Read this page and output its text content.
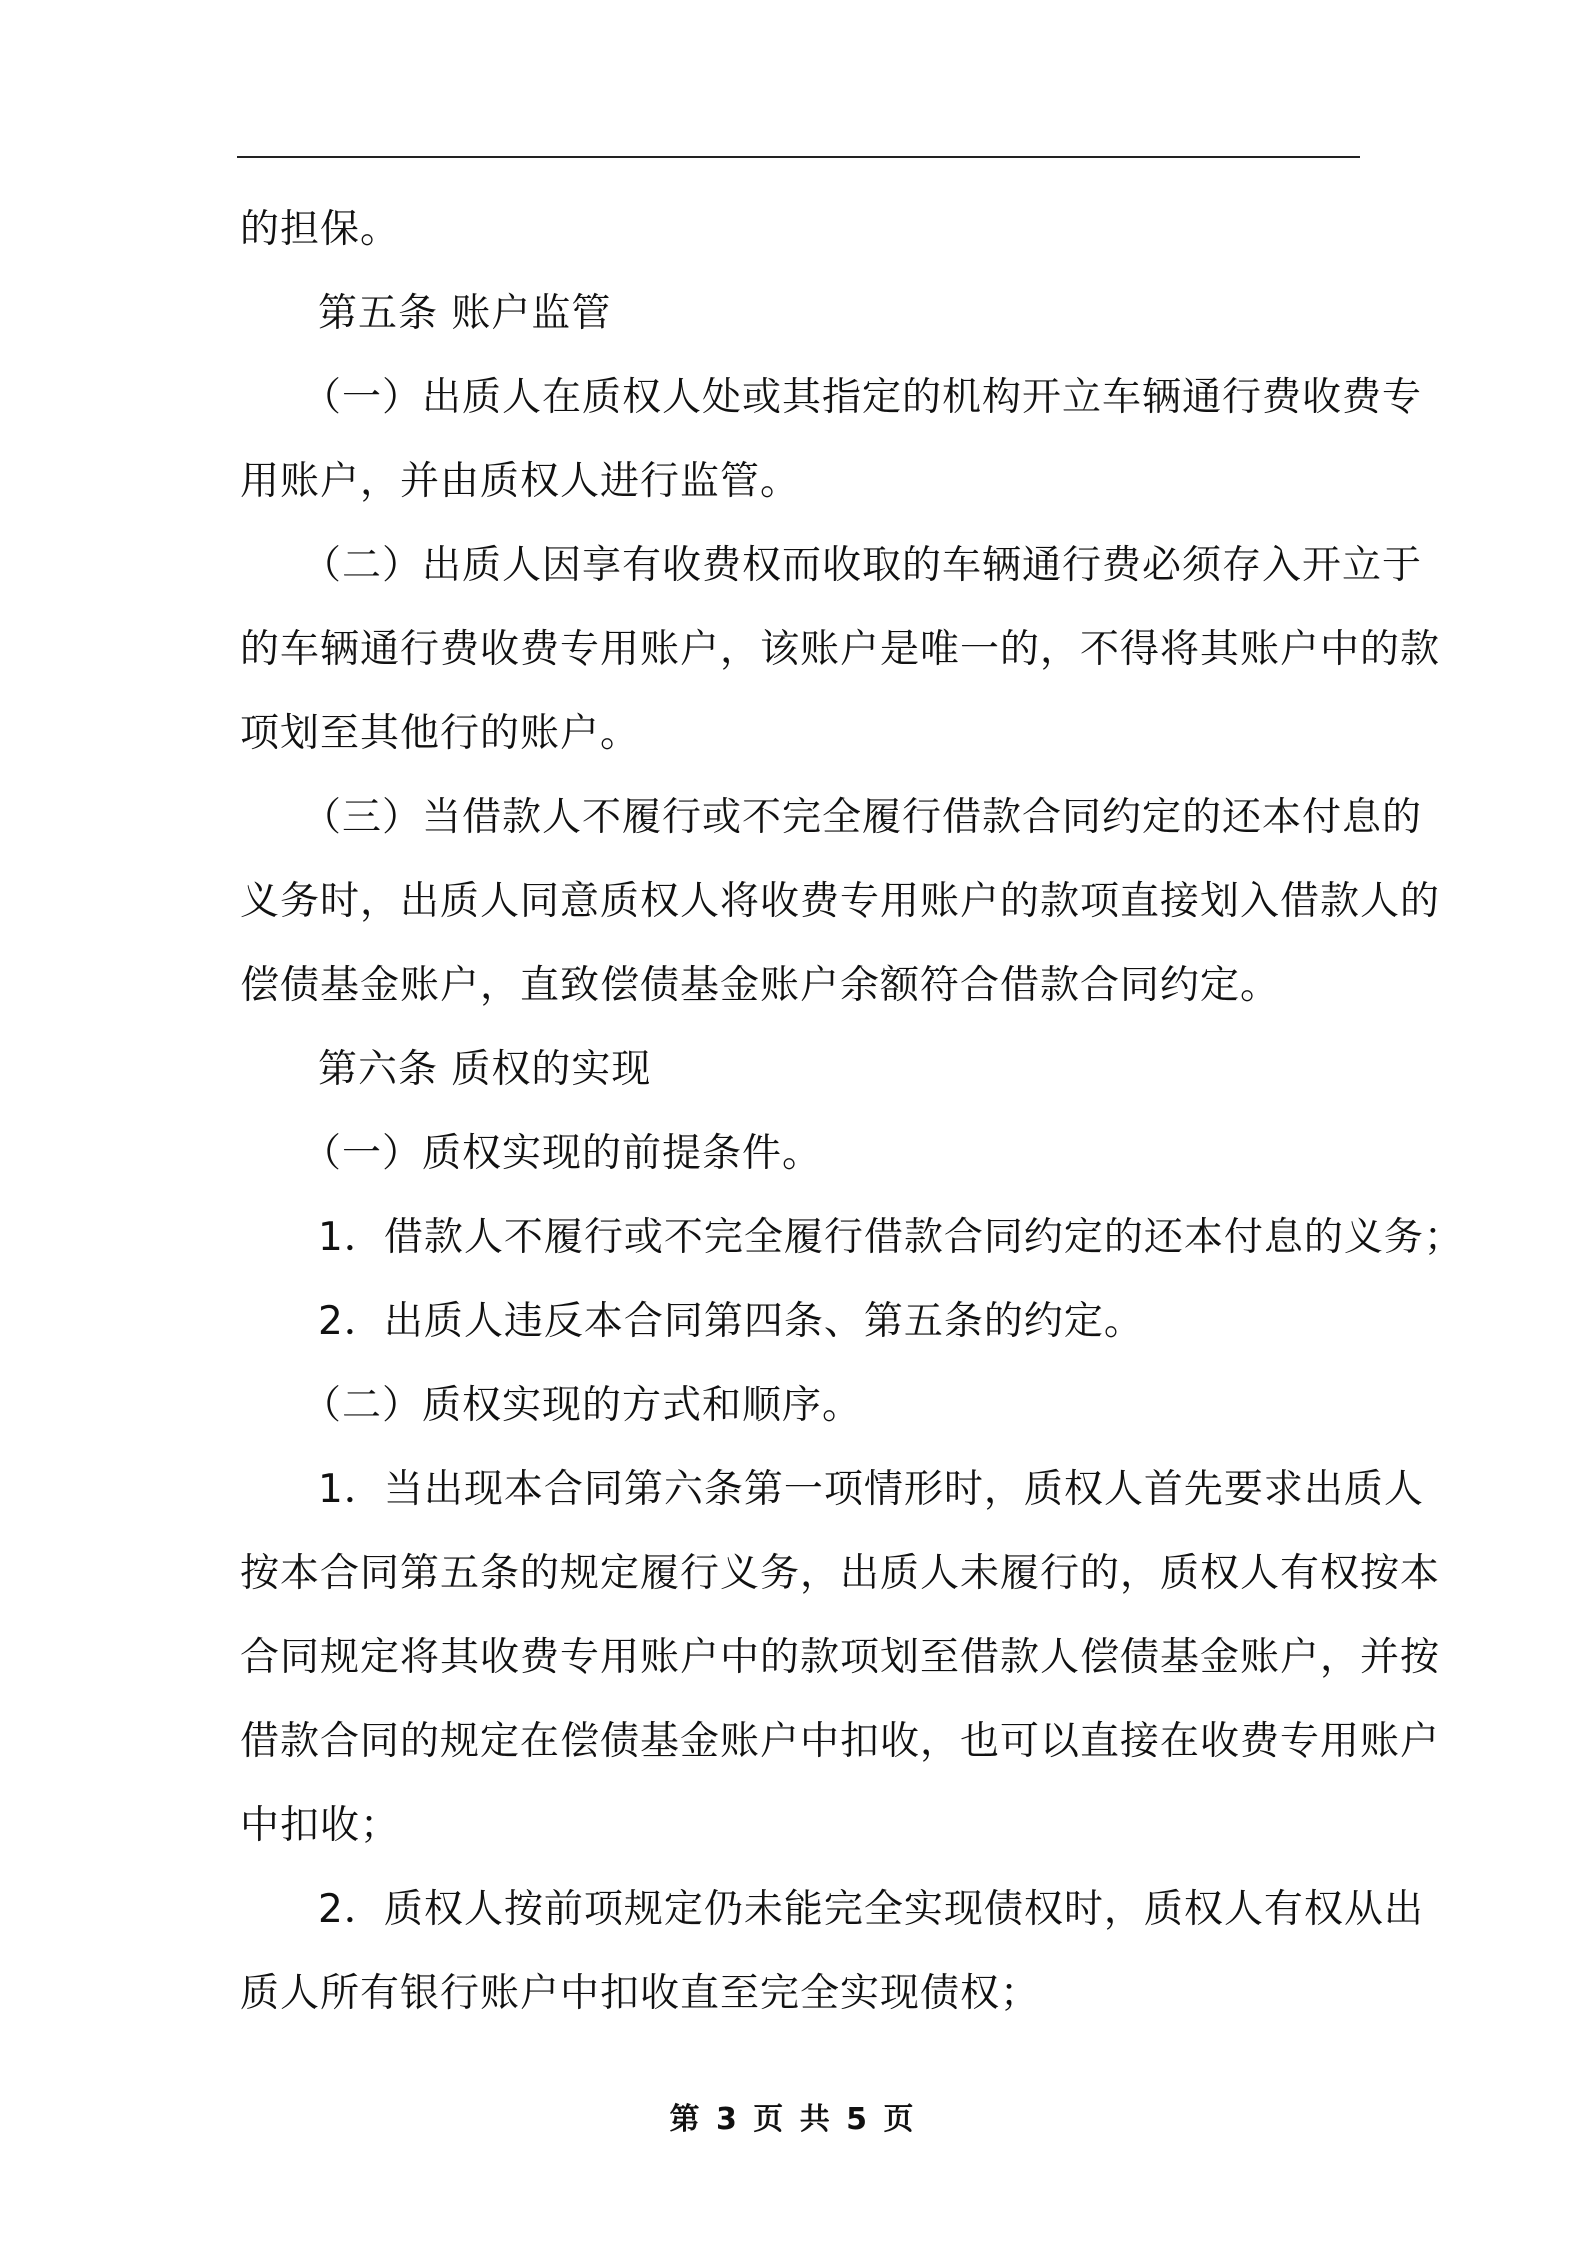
的担保。
第五条 账户监管
（一）出质人在质权人处或其指定的机构开立车辆通行费收费专
用账户，并由质权人进行监管。
（二）出质人因享有收费权而收取的车辆通行费必须存入开立于
的车辆通行费收费专用账户，该账户是唯一的，不得将其账户中的款
项划至其他行的账户。
（三）当借款人不履行或不完全履行借款合同约定的还本付息的
义务时，出质人同意质权人将收费专用账户的款项直接划入借款人的
偿债基金账户，直致偿债基金账户余额符合借款合同约定。
第六条 质权的实现
（一）质权实现的前提条件。
1．借款人不履行或不完全履行借款合同约定的还本付息的义务；
2．出质人违反本合同第四条、第五条的约定。
（二）质权实现的方式和顺序。
1．当出现本合同第六条第一项情形时，质权人首先要求出质人
按本合同第五条的规定履行义务，出质人未履行的，质权人有权按本
合同规定将其收费专用账户中的款项划至借款人偿债基金账户，并按
借款合同的规定在偿债基金账户中扣收，也可以直接在收费专用账户
中扣收；
2．质权人按前项规定仍未能完全实现债权时，质权人有权从出
质人所有银行账户中扣收直至完全实现债权；
第 3 页 共 5 页
